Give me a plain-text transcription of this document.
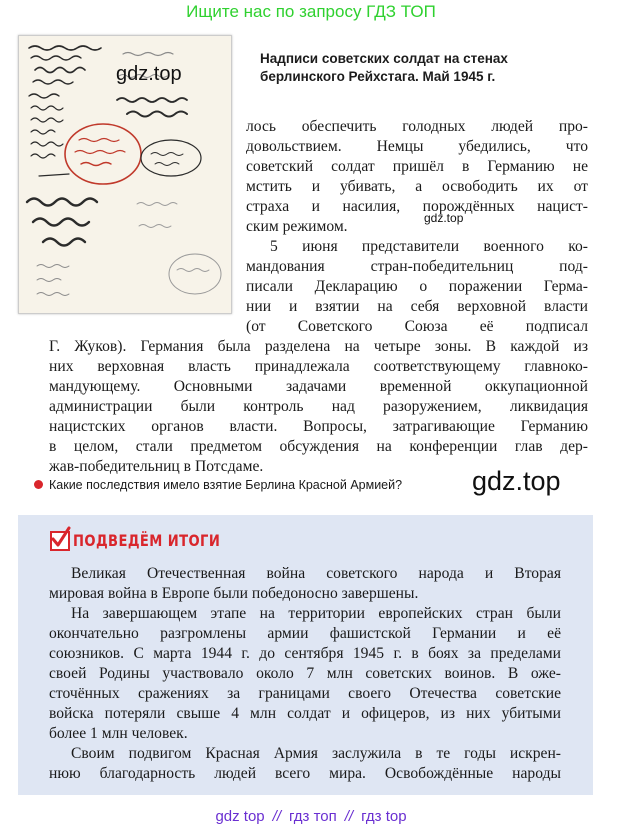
Ищите нас по запросу ГДЗ ТОП
gdz.top
gdz.top
gdz.top
Надписи советских солдат на стенах
берлинского Рейхстага. Май 1945 г.
лось обеспечить голодных людей про-
довольствием. Немцы убедились, что
советский солдат пришёл в Германию не
мстить и убивать, а освободить их от
страха и насилия, порождённых нацист-
ским режимом.
5 июня представители военного ко-
мандования стран-победительниц под-
писали Декларацию о поражении Герма-
нии и взятии на себя верховной власти
(от Советского Союза её подписал
Г. Жуков). Германия была разделена на четыре зоны. В каждой из
них верховная власть принадлежала соответствующему главноко-
мандующему. Основными задачами временной оккупационной
администрации были контроль над разоружением, ликвидация
нацистских органов власти. Вопросы, затрагивающие Германию
в целом, стали предметом обсуждения на конференции глав дер-
жав-победительниц в Потсдаме.
Какие последствия имело взятие Берлина Красной Армией?
ПОДВЕДЁМ ИТОГИ
Великая Отечественная война советского народа и Вторая
мировая война в Европе были победоносно завершены.
На завершающем этапе на территории европейских стран были
окончательно разгромлены армии фашистской Германии и её
союзников. С марта 1944 г. до сентября 1945 г. в боях за пределами
своей Родины участвовало около 7 млн советских воинов. В оже-
сточённых сражениях за границами своего Отечества советские
войска потеряли свыше 4 млн солдат и офицеров, из них убитыми
более 1 млн человек.
Своим подвигом Красная Армия заслужила в те годы искрен-
нюю благодарность людей всего мира. Освобождённые народы
gdz top // гдз топ // гдз top
